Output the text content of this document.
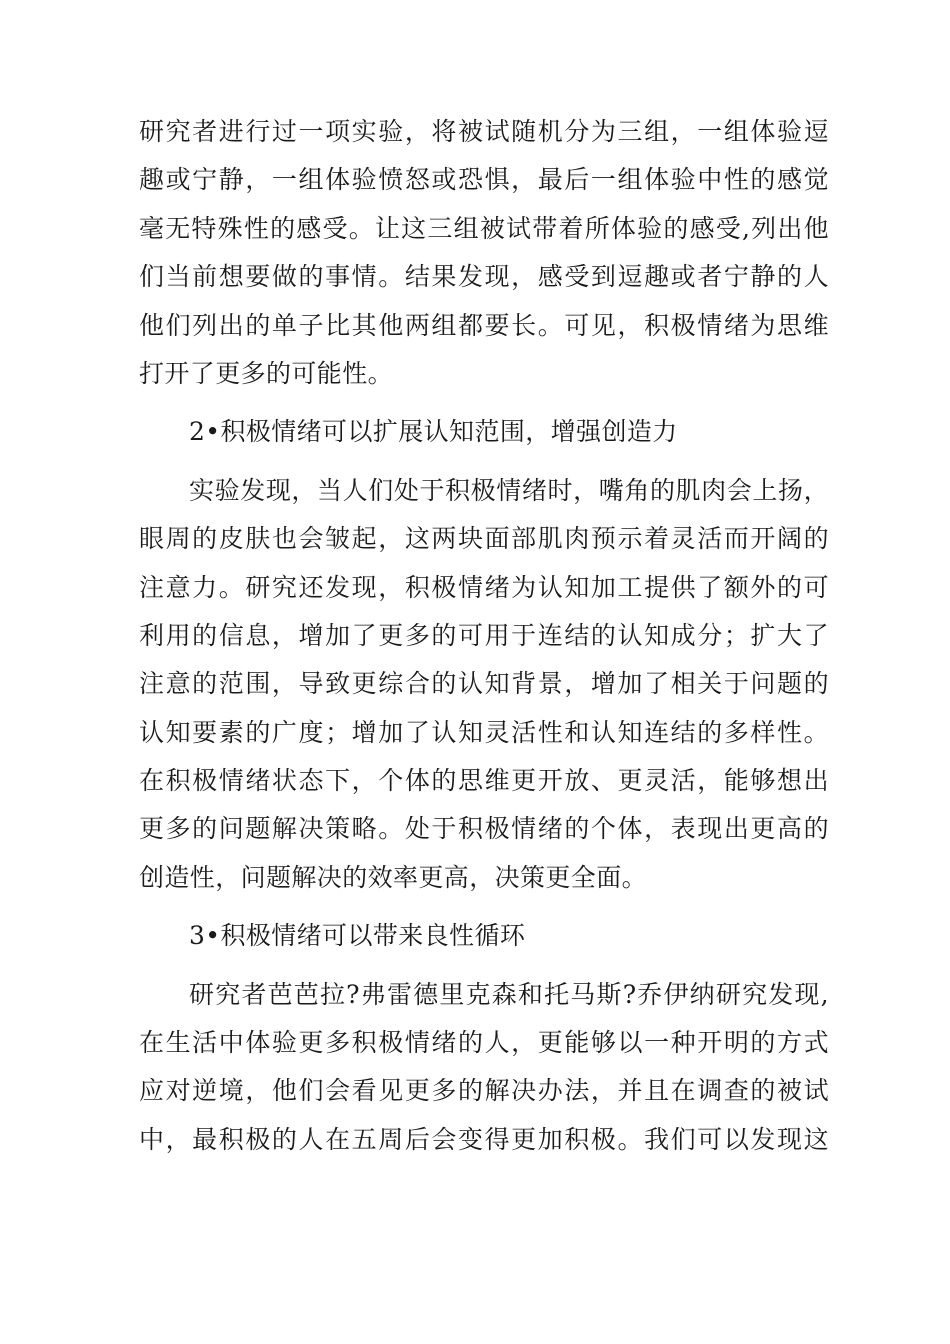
研究者进行过一项实验，将被试随机分为三组，一组体验逗
趣或宁静，一组体验愤怒或恐惧，最后一组体验中性的感觉
毫无特殊性的感受。让这三组被试带着所体验的感受,列出他
们当前想要做的事情。结果发现，感受到逗趣或者宁静的人
他们列出的单子比其他两组都要长。可见，积极情绪为思维
打开了更多的可能性。
2•积极情绪可以扩展认知范围，增强创造力
实验发现，当人们处于积极情绪时，嘴角的肌肉会上扬，
眼周的皮肤也会皱起，这两块面部肌肉预示着灵活而开阔的
注意力。研究还发现，积极情绪为认知加工提供了额外的可
利用的信息，增加了更多的可用于连结的认知成分；扩大了
注意的范围，导致更综合的认知背景，增加了相关于问题的
认知要素的广度；增加了认知灵活性和认知连结的多样性。
在积极情绪状态下，个体的思维更开放、更灵活，能够想出
更多的问题解决策略。处于积极情绪的个体，表现出更高的
创造性，问题解决的效率更高，决策更全面。
3•积极情绪可以带来良性循环
研究者芭芭拉?弗雷德里克森和托马斯?乔伊纳研究发现,
在生活中体验更多积极情绪的人，更能够以一种开明的方式
应对逆境，他们会看见更多的解决办法，并且在调查的被试
中，最积极的人在五周后会变得更加积极。我们可以发现这
